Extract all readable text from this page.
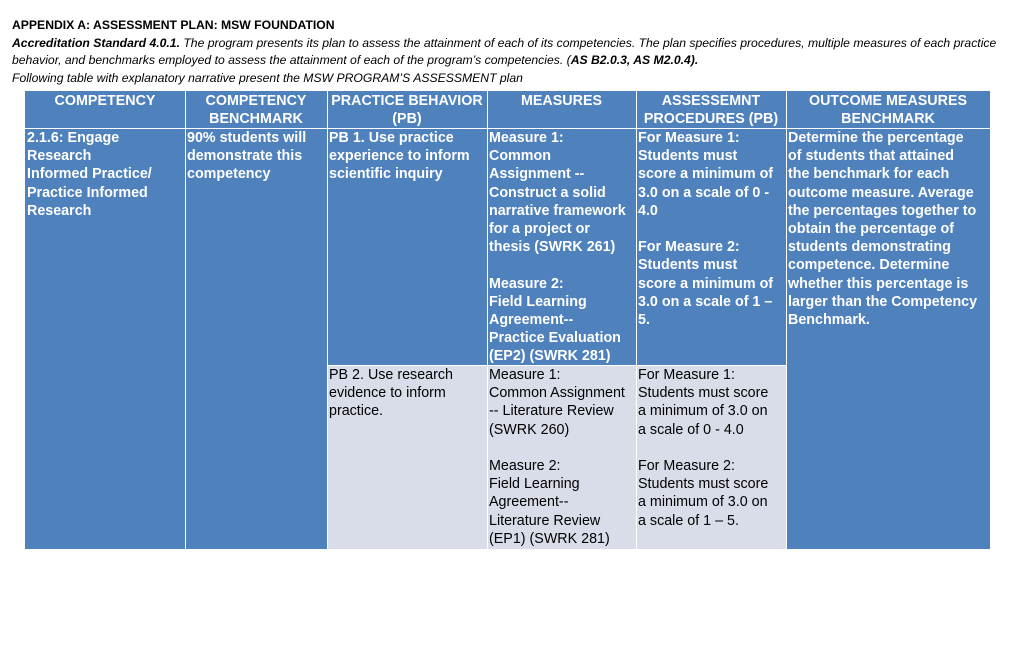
APPENDIX A: ASSESSMENT PLAN: MSW FOUNDATION
Accreditation Standard 4.0.1. The program presents its plan to assess the attainment of each of its competencies. The plan specifies procedures, multiple measures of each practice behavior, and benchmarks employed to assess the attainment of each of the program’s competencies. (AS B2.0.3, AS M2.0.4).
Following table with explanatory narrative present the MSW PROGRAM’S ASSESSMENT plan
COMPETENCY	COMPETENCY
BENCHMARK
PRACTICE BEHAVIOR
(PB)
MEASURES	ASSESSEMNT
PROCEDURES (PB)
OUTCOME MEASURES
BENCHMARK
2.1.6: Engage
Research
Informed Practice/
Practice Informed
Research
90% students will
demonstrate this
competency
Determine the percentage
of students that attained
the benchmark for each
outcome measure. Average
the percentages together to
obtain the percentage of
students demonstrating
competence. Determine
whether this percentage is
larger than the Competency
Benchmark.
PB 1. Use practice
experience to inform
scientific inquiry
Measure 1:
Common
Assignment --
Construct a solid
narrative framework
for a project or
thesis (SWRK 261)

Measure 2:
Field Learning
Agreement--
Practice Evaluation
(EP2) (SWRK 281)
For Measure 1:
Students must
score a minimum of
3.0 on a scale of 0 -
4.0

For Measure 2:
Students must
score a minimum of
3.0 on a scale of 1 –
5.
PB 2. Use research
evidence to inform
practice.
Measure 1:
Common Assignment
-- Literature Review
(SWRK 260)

Measure 2:
Field Learning
Agreement--
Literature Review
(EP1) (SWRK 281)
For Measure 1:
Students must score
a minimum of 3.0 on
a scale of 0 - 4.0

For Measure 2:
Students must score
a minimum of 3.0 on
a scale of 1 – 5.
